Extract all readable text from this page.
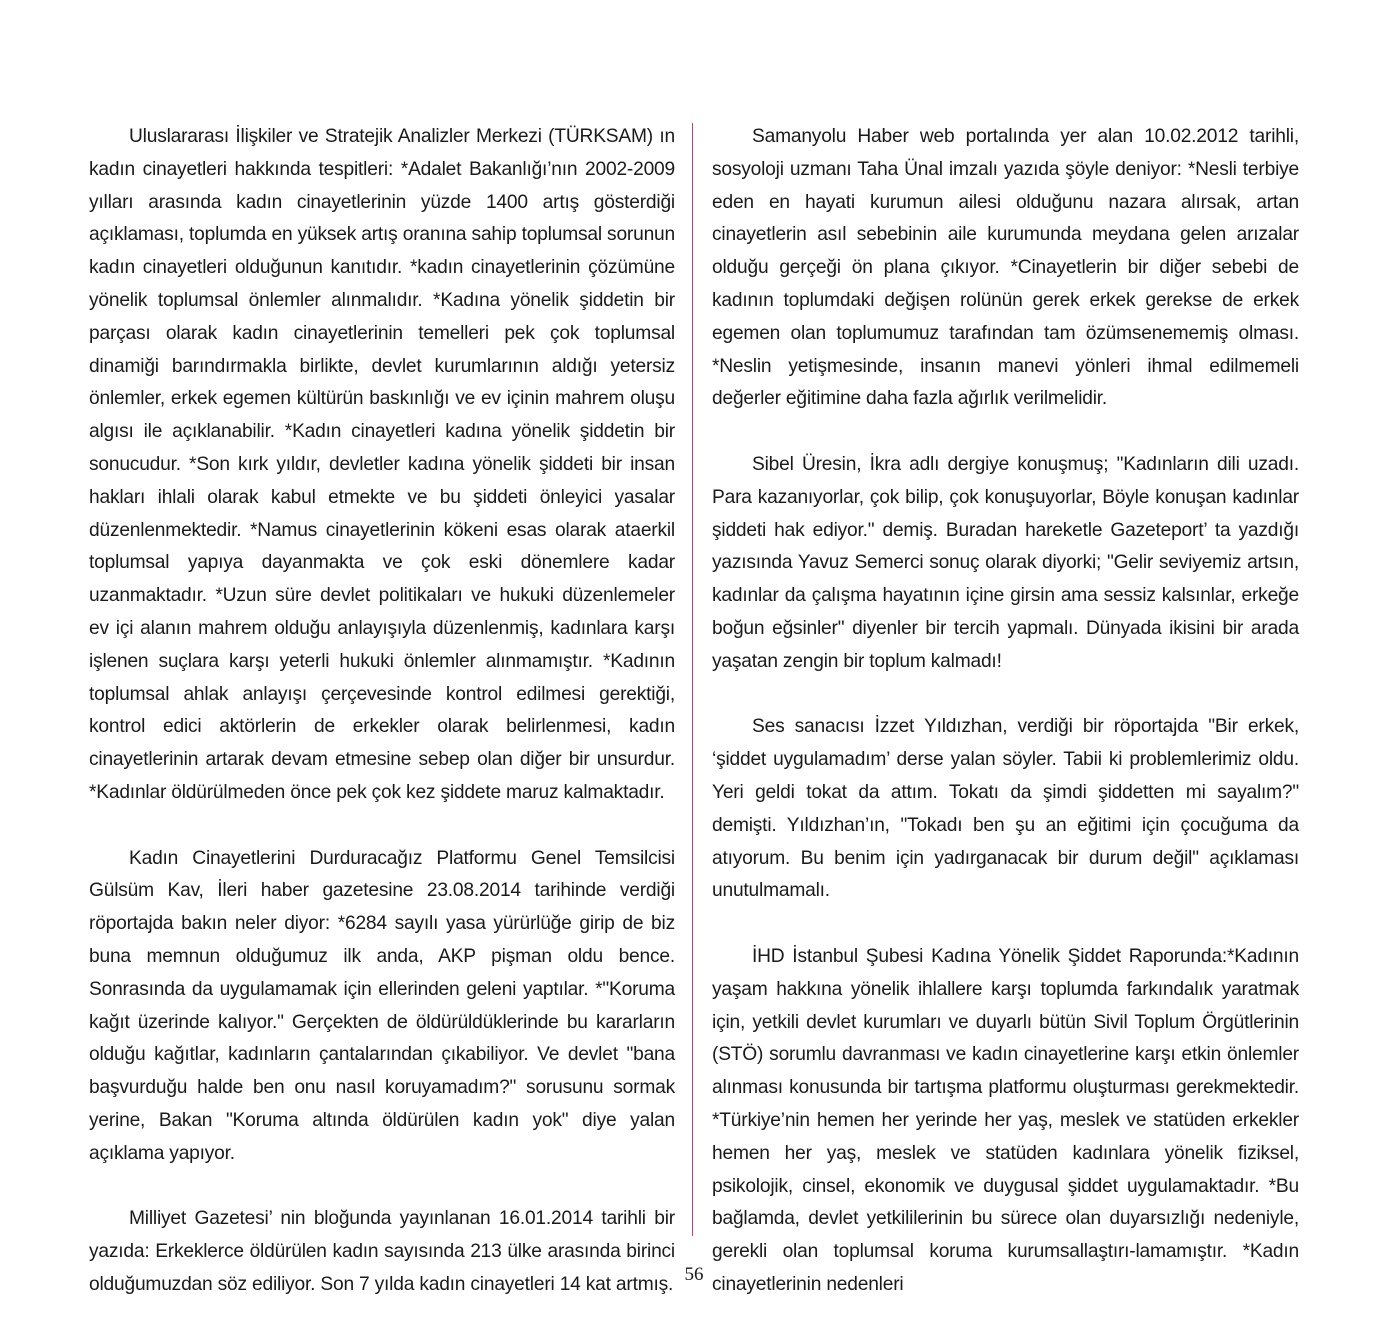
Uluslararası İlişkiler ve Stratejik Analizler Merkezi (TÜRKSAM) ın kadın cinayetleri hakkında tespitleri: *Adalet Bakanlığı’nın 2002-2009 yılları arasında kadın cinayetlerinin yüzde 1400 artış gösterdiği açıklaması, toplumda en yüksek artış oranına sahip toplumsal sorunun kadın cinayetleri olduğunun kanıtıdır. *kadın cinayetlerinin çözümüne yönelik toplumsal önlemler alınmalıdır. *Kadına yönelik şiddetin bir parçası olarak kadın cinayetlerinin temelleri pek çok toplumsal dinamiği barındırmakla birlikte, devlet kurumlarının aldığı yetersiz önlemler, erkek egemen kültürün baskınlığı ve ev içinin mahrem oluşu algısı ile açıklanabilir. *Kadın cinayetleri kadına yönelik şiddetin bir sonucudur. *Son kırk yıldır, devletler kadına yönelik şiddeti bir insan hakları ihlali olarak kabul etmekte ve bu şiddeti önleyici yasalar düzenlenmektedir. *Namus cinayetlerinin kökeni esas olarak ataerkil toplumsal yapıya dayanmakta ve çok eski dönemlere kadar uzanmaktadır. *Uzun süre devlet politikaları ve hukuki düzenlemeler ev içi alanın mahrem olduğu anlayışıyla düzenlenmiş, kadınlara karşı işlenen suçlara karşı yeterli hukuki önlemler alınmamıştır. *Kadının toplumsal ahlak anlayışı çerçevesinde kontrol edilmesi gerektiği, kontrol edici aktörlerin de erkekler olarak belirlenmesi, kadın cinayetlerinin artarak devam etmesine sebep olan diğer bir unsurdur. *Kadınlar öldürülmeden önce pek çok kez şiddete maruz kalmaktadır.

Kadın Cinayetlerini Durduracağız Platformu Genel Temsilcisi Gülsüm Kav, İleri haber gazetesine 23.08.2014 tarihinde verdiği röportajda bakın neler diyor: *6284 sayılı yasa yürürlüğe girip de biz buna memnun olduğumuz ilk anda, AKP pişman oldu bence. Sonrasında da uygulamamak için ellerinden geleni yaptılar. *"Koruma kağıt üzerinde kalıyor." Gerçekten de öldürüldüklerinde bu kararların olduğu kağıtlar, kadınların çantalarından çıkabiliyor. Ve devlet "bana başvurduğu halde ben onu nasıl koruyamadım?" sorusunu sormak yerine, Bakan "Koruma altında öldürülen kadın yok" diye yalan açıklama yapıyor.

Milliyet Gazetesi’ nin bloğunda yayınlanan 16.01.2014 tarihli bir yazıda: Erkeklerce öldürülen kadın sayısında 213 ülke arasında birinci olduğumuzdan söz ediliyor. Son 7 yılda kadın cinayetleri 14 kat artmış.

Samanyolu Haber web portalında yer alan 10.02.2012 tarihli, sosyoloji uzmanı Taha Ünal imzalı yazıda şöyle deniyor: *Nesli terbiye eden en hayati kurumun ailesi olduğunu nazara alırsak, artan cinayetlerin asıl sebebinin aile kurumunda meydana gelen arızalar olduğu gerçeği ön plana çıkıyor. *Cinayetlerin bir diğer sebebi de kadının toplumdaki değişen rolünün gerek erkek gerekse de erkek egemen olan toplumumuz tarafından tam özümsenememiş olması. *Neslin yetişmesinde, insanın manevi yönleri ihmal edilmemeli değerler eğitimine daha fazla ağırlık verilmelidir.

Sibel Üresin, İkra adlı dergiye konuşmuş; "Kadınların dili uzadı. Para kazanıyorlar, çok bilip, çok konuşuyorlar, Böyle konuşan kadınlar şiddeti hak ediyor." demiş. Buradan hareketle Gazeteport’ ta yazdığı yazısında Yavuz Semerci sonuç olarak diyorki; "Gelir seviyemiz artsın, kadınlar da çalışma hayatının içine girsin ama sessiz kalsınlar, erkeğe boğun eğsinler" diyenler bir tercih yapmalı. Dünyada ikisini bir arada yaşatan zengin bir toplum kalmadı!

Ses sanacısı İzzet Yıldızhan, verdiği bir röportajda "Bir erkek, ‘şiddet uygulamadım’ derse yalan söyler. Tabii ki problemlerimiz oldu. Yeri geldi tokat da attım. Tokatı da şimdi şiddetten mi sayalım?" demişti. Yıldızhan’ın, "Tokadı ben şu an eğitimi için çocuğuma da atıyorum. Bu benim için yadırganacak bir durum değil" açıklaması unutulmamalı.

İHD İstanbul Şubesi Kadına Yönelik Şiddet Raporunda:*Kadının yaşam hakkına yönelik ihlallere karşı toplumda farkındalık yaratmak için, yetkili devlet kurumları ve duyarlı bütün Sivil Toplum Örgütlerinin (STÖ) sorumlu davranması ve kadın cinayetlerine karşı etkin önlemler alınması konusunda bir tartışma platformu oluşturması gerekmektedir. *Türkiye’nin hemen her yerinde her yaş, meslek ve statüden erkekler hemen her yaş, meslek ve statüden kadınlara yönelik fiziksel, psikolojik, cinsel, ekonomik ve duygusal şiddet uygulamaktadır. *Bu bağlamda, devlet yetkililerinin bu sürece olan duyarsızlığı nedeniyle, gerekli olan toplumsal koruma kurumsallaştırı-lamamıştır. *Kadın cinayetlerinin nedenleri

56
